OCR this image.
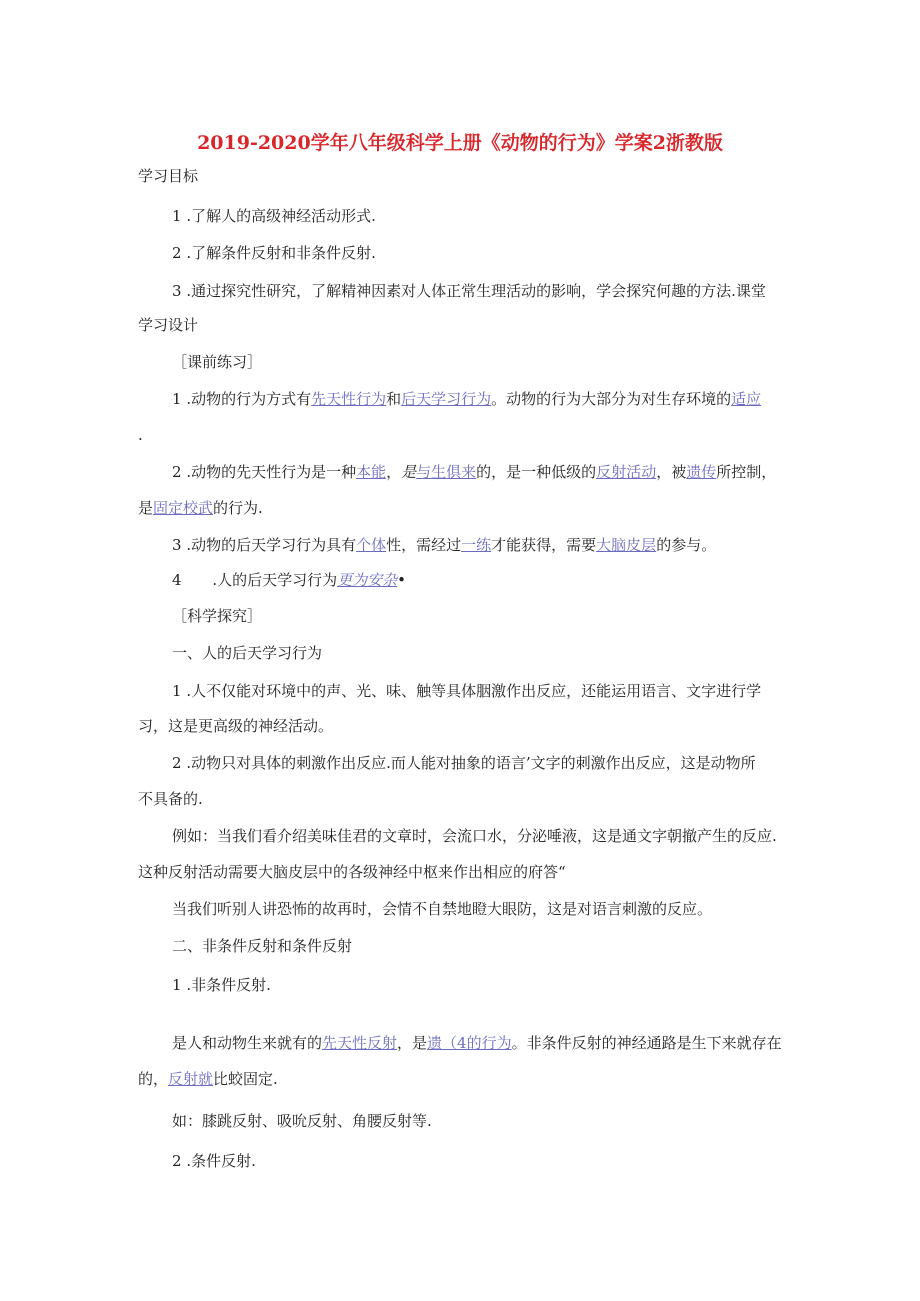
2019-2020学年八年级科学上册《动物的行为》学案2浙教版
学习目标
1 .了解人的高级神经活动形式.
2 .了解条件反射和非条件反射.
3 .通过探究性研究，了解精神因素对人体正常生理活动的影响，学会探究何趣的方法.课堂
学习设计
［课前练习］
1 .动物的行为方式有先天性行为和后天学习行为。动物的行为大部分为对生存环境的适应
.
2 .动物的先天性行为是一种本能，是与生俱来的，是一种低级的反射活动，被遗传所控制，
是固定校武的行为.
3 .动物的后天学习行为具有个体性，需经过一练才能获得，需要大脑皮层的参与。
4 .人的后天学习行为更为安杂•
［科学探究］
一、人的后天学习行为
1 .人不仅能对环境中的声、光、味、触等具体胭激作出反应，还能运用语言、文字进行学
习，这是更高级的神经活动。
2 .动物只对具体的刺激作出反应.而人能对抽象的语言’文字的刺激作出反应，这是动物所
不具备的.
例如：当我们看介绍美味佳君的文章时，会流口水，分泌唾液，这是通文字朝撤产生的反应.
这种反射活动需要大脑皮层中的各级神经中枢来作出相应的府答“
当我们听别人讲恐怖的故再时，会情不自禁地瞪大眼防，这是对语言刺激的反应。
二、非条件反射和条件反射
1 .非条件反射.
是人和动物生来就有的先天性反射，是遗（4的行为。非条件反射的神经通路是生下来就存在
的，反射就比蛟固定.
如：膝跳反射、吸吮反射、角腰反射等.
2 .条件反射.
